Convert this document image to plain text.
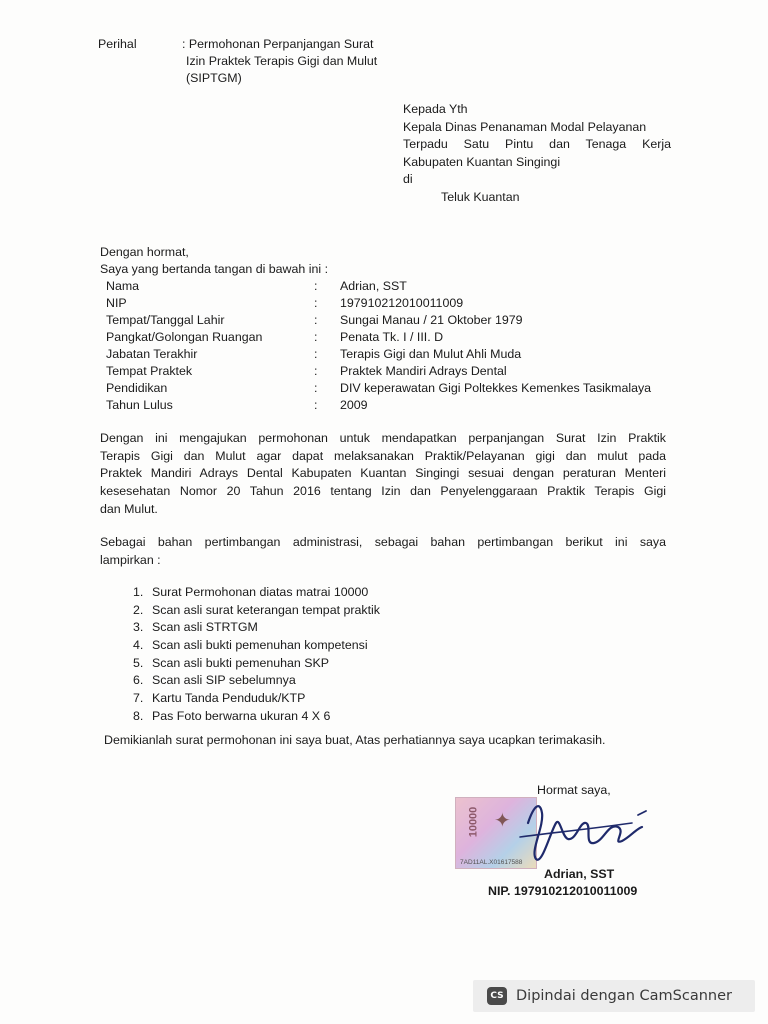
Perihal	: Permohonan Perpanjangan Surat
Izin Praktek Terapis Gigi dan Mulut
(SIPTGM)
Kepada Yth
Kepala Dinas Penanaman Modal Pelayanan
Terpadu Satu Pintu dan Tenaga Kerja
Kabupaten Kuantan Singingi
di
Teluk Kuantan
Dengan hormat,
Saya yang bertanda tangan di bawah ini :
Nama	: Adrian, SST
NIP	: 197910212010011009
Tempat/Tanggal Lahir	: Sungai Manau / 21 Oktober 1979
Pangkat/Golongan Ruangan	: Penata Tk. I / III. D
Jabatan Terakhir	: Terapis Gigi dan Mulut Ahli Muda
Tempat Praktek	: Praktek Mandiri Adrays Dental
Pendidikan	: DIV keperawatan Gigi Poltekkes Kemenkes Tasikmalaya
Tahun Lulus	: 2009
Dengan ini mengajukan permohonan untuk mendapatkan perpanjangan Surat Izin Praktik
Terapis Gigi dan Mulut agar dapat melaksanakan Praktik/Pelayanan gigi dan mulut pada
Praktek Mandiri Adrays Dental Kabupaten Kuantan Singingi sesuai dengan peraturan Menteri
kesesehatan Nomor 20 Tahun 2016 tentang Izin dan Penyelenggaraan Praktik Terapis Gigi
dan Mulut.
Sebagai bahan pertimbangan administrasi, sebagai bahan pertimbangan berikut ini saya
lampirkan :
1. Surat Permohonan diatas matrai 10000
2. Scan asli surat keterangan tempat praktik
3. Scan asli STRTGM
4. Scan asli bukti pemenuhan kompetensi
5. Scan asli bukti pemenuhan SKP
6. Scan asli SIP sebelumnya
7. Kartu Tanda Penduduk/KTP
8. Pas Foto berwarna ukuran 4 X 6
Demikianlah surat permohonan ini saya buat, Atas perhatiannya saya ucapkan terimakasih.
Hormat saya,
10000 ✦
7AD11AL.X01617588
Adrian, SST
NIP. 197910212010011009
CS Dipindai dengan CamScanner
